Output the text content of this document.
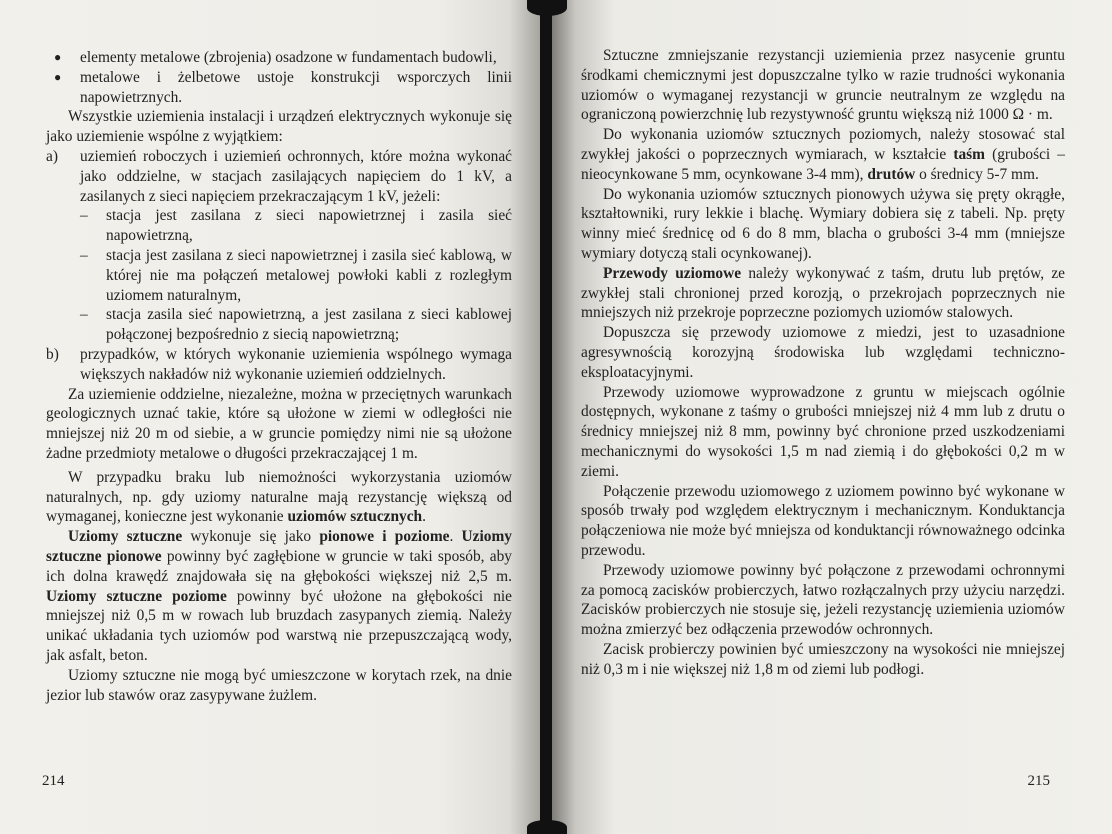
● elementy metalowe (zbrojenia) osadzone w fundamentach budowli,
● metalowe i żelbetowe ustoje konstrukcji wsporczych linii napowietrznych.

Wszystkie uziemienia instalacji i urządzeń elektrycznych wykonuje się jako uziemienie wspólne z wyjątkiem:

a) uziemień roboczych i uziemień ochronnych, które można wykonać jako oddzielne, w stacjach zasilających napięciem do 1 kV, a zasilanych z sieci napięciem przekraczającym 1 kV, jeżeli:
– stacja jest zasilana z sieci napowietrznej i zasila sieć napowietrzną,
– stacja jest zasilana z sieci napowietrznej i zasila sieć kablową, w której nie ma połączeń metalowej powłoki kabli z rozległym uziomem naturalnym,
– stacja zasila sieć napowietrzną, a jest zasilana z sieci kablowej połączonej bezpośrednio z siecią napowietrzną;
b) przypadków, w których wykonanie uziemienia wspólnego wymaga większych nakładów niż wykonanie uziemień oddzielnych.

Za uziemienie oddzielne, niezależne, można w przeciętnych warunkach geologicznych uznać takie, które są ułożone w ziemi w odległości nie mniejszej niż 20 m od siebie, a w gruncie pomiędzy nimi nie są ułożone żadne przedmioty metalowe o długości przekraczającej 1 m.

W przypadku braku lub niemożności wykorzystania uziomów naturalnych, np. gdy uziomy naturalne mają rezystancję większą od wymaganej, konieczne jest wykonanie uziomów sztucznych.

Uziomy sztuczne wykonuje się jako pionowe i poziome. Uziomy sztuczne pionowe powinny być zagłębione w gruncie w taki sposób, aby ich dolna krawędź znajdowała się na głębokości większej niż 2,5 m. Uziomy sztuczne poziome powinny być ułożone na głębokości nie mniejszej niż 0,5 m w rowach lub bruzdach zasypanych ziemią. Należy unikać układania tych uziomów pod warstwą nie przepuszczającą wody, jak asfalt, beton.

Uziomy sztuczne nie mogą być umieszczone w korytach rzek, na dnie jezior lub stawów oraz zasypywane żużlem.

214

Sztuczne zmniejszanie rezystancji uziemienia przez nasycenie gruntu środkami chemicznymi jest dopuszczalne tylko w razie trudności wykonania uziomów o wymaganej rezystancji w gruncie neutralnym ze względu na ograniczoną powierzchnię lub rezystywność gruntu większą niż 1000 Ω · m.

Do wykonania uziomów sztucznych poziomych, należy stosować stal zwykłej jakości o poprzecznych wymiarach, w kształcie taśm (grubości – nieocynkowane 5 mm, ocynkowane 3-4 mm), drutów o średnicy 5-7 mm.

Do wykonania uziomów sztucznych pionowych używa się pręty okrągłe, kształtowniki, rury lekkie i blachę. Wymiary dobiera się z tabeli. Np. pręty winny mieć średnicę od 6 do 8 mm, blacha o grubości 3-4 mm (mniejsze wymiary dotyczą stali ocynkowanej).

Przewody uziomowe należy wykonywać z taśm, drutu lub prętów, ze zwykłej stali chronionej przed korozją, o przekrojach poprzecznych nie mniejszych niż przekroje poprzeczne poziomych uziomów stalowych.

Dopuszcza się przewody uziomowe z miedzi, jest to uzasadnione agresywnością korozyjną środowiska lub względami techniczno-eksploatacyjnymi.

Przewody uziomowe wyprowadzone z gruntu w miejscach ogólnie dostępnych, wykonane z taśmy o grubości mniejszej niż 4 mm lub z drutu o średnicy mniejszej niż 8 mm, powinny być chronione przed uszkodzeniami mechanicznymi do wysokości 1,5 m nad ziemią i do głębokości 0,2 m w ziemi.

Połączenie przewodu uziomowego z uziomem powinno być wykonane w sposób trwały pod względem elektrycznym i mechanicznym. Konduktancja połączeniowa nie może być mniejsza od konduktancji równoważnego odcinka przewodu.

Przewody uziomowe powinny być połączone z przewodami ochronnymi za pomocą zacisków probierczych, łatwo rozłączalnych przy użyciu narzędzi. Zacisków probierczych nie stosuje się, jeżeli rezystancję uziemienia uziomów można zmierzyć bez odłączenia przewodów ochronnych.

Zacisk probierczy powinien być umieszczony na wysokości nie mniejszej niż 0,3 m i nie większej niż 1,8 m od ziemi lub podłogi.

215
